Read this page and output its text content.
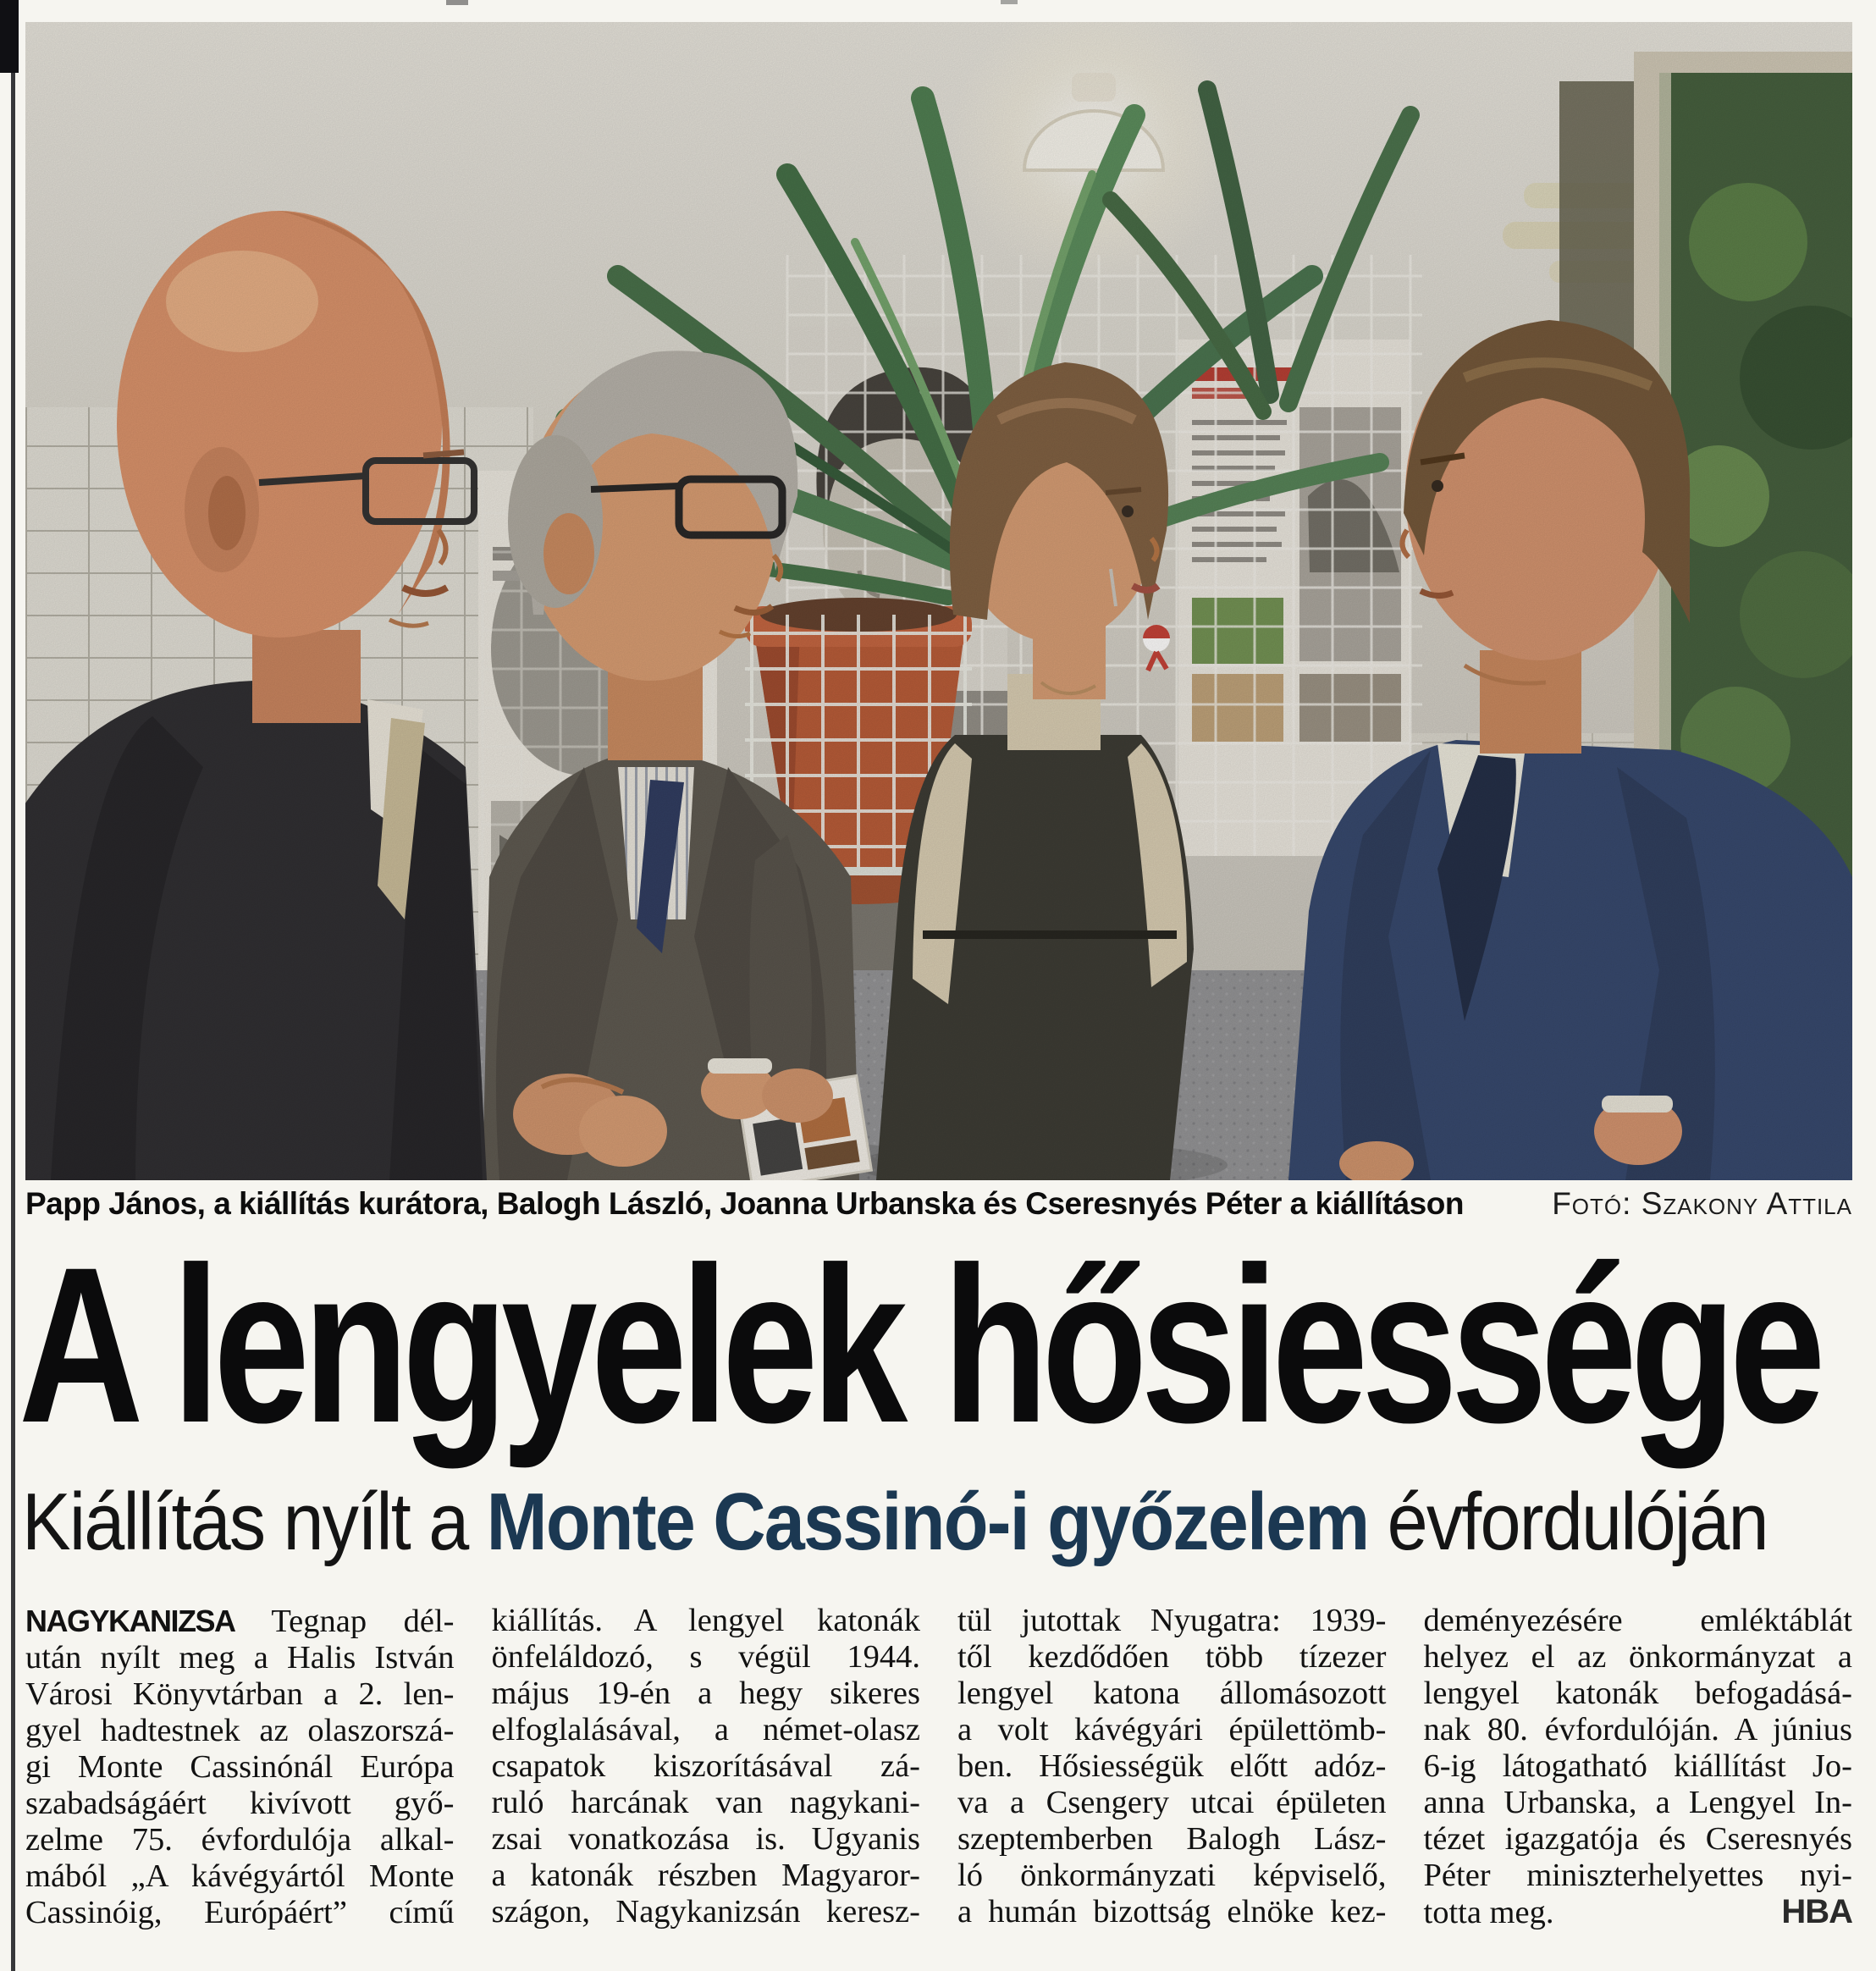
Papp János, a kiállítás kurátora, Balogh László, Joanna Urbanska és Cseresnyés Péter a kiállításon	Fotó: Szakony Attila

A lengyelek hősiessége
Kiállítás nyílt a Monte Cassinó-i győzelem évfordulóján
NAGYKANIZSA Tegnap dél-
után nyílt meg a Halis István
Városi Könyvtárban a 2. len-
gyel hadtestnek az olaszorszá-
gi Monte Cassinónál Európa
szabadságáért kivívott győ-
zelme 75. évfordulója alkal-
mából „A kávégyártól Monte
Cassinóig, Európáért” című
kiállítás. A lengyel katonák
önfeláldozó, s végül 1944.
május 19-én a hegy sikeres
elfoglalásával, a német-olasz
csapatok kiszorításával zá-
ruló harcának van nagykani-
zsai vonatkozása is. Ugyanis
a katonák részben Magyaror-
szágon, Nagykanizsán keresz-
tül jutottak Nyugatra: 1939-
től kezdődően több tízezer
lengyel katona állomásozott
a volt kávégyári épülettömb-
ben. Hősiességük előtt adóz-
va a Csengery utcai épületen
szeptemberben Balogh Lász-
ló önkormányzati képviselő,
a humán bizottság elnöke kez-
deményezésére emléktáblát
helyez el az önkormányzat a
lengyel katonák befogadásá-
nak 80. évfordulóján. A június
6-ig látogatható kiállítást Jo-
anna Urbanska, a Lengyel In-
tézet igazgatója és Cseresnyés
Péter miniszterhelyettes nyi-
totta meg.	HBA
